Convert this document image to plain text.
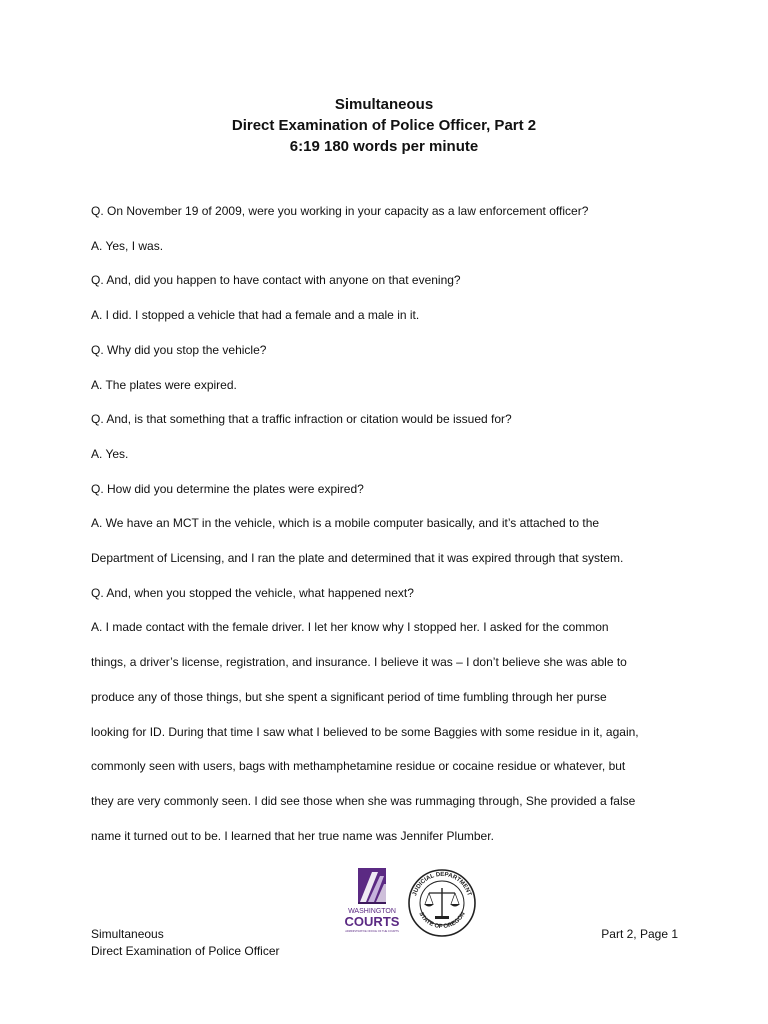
Simultaneous
Direct Examination of Police Officer, Part 2
6:19 180 words per minute

Q. On November 19 of 2009, were you working in your capacity as a law enforcement officer?

A. Yes, I was.

Q. And, did you happen to have contact with anyone on that evening?

A. I did. I stopped a vehicle that had a female and a male in it.

Q. Why did you stop the vehicle?

A. The plates were expired.

Q. And, is that something that a traffic infraction or citation would be issued for?

A. Yes.

Q. How did you determine the plates were expired?

A. We have an MCT in the vehicle, which is a mobile computer basically, and it’s attached to the

Department of Licensing, and I ran the plate and determined that it was expired through that system.

Q. And, when you stopped the vehicle, what happened next?

A. I made contact with the female driver. I let her know why I stopped her. I asked for the common

things, a driver’s license, registration, and insurance. I believe it was – I don’t believe she was able to

produce any of those things, but she spent a significant period of time fumbling through her purse

looking for ID. During that time I saw what I believed to be some Baggies with some residue in it, again,

commonly seen with users, bags with methamphetamine residue or cocaine residue or whatever, but

they are very commonly seen. I did see those when she was rummaging through, She provided a false

name it turned out to be. I learned that her true name was Jennifer Plumber.

WASHINGTON
COURTS
ADMINISTRATIVE OFFICE OF THE COURTS
JUDICIAL DEPARTMENT
STATE OF OREGON
Simultaneous
Direct Examination of Police Officer
Part 2, Page 1
